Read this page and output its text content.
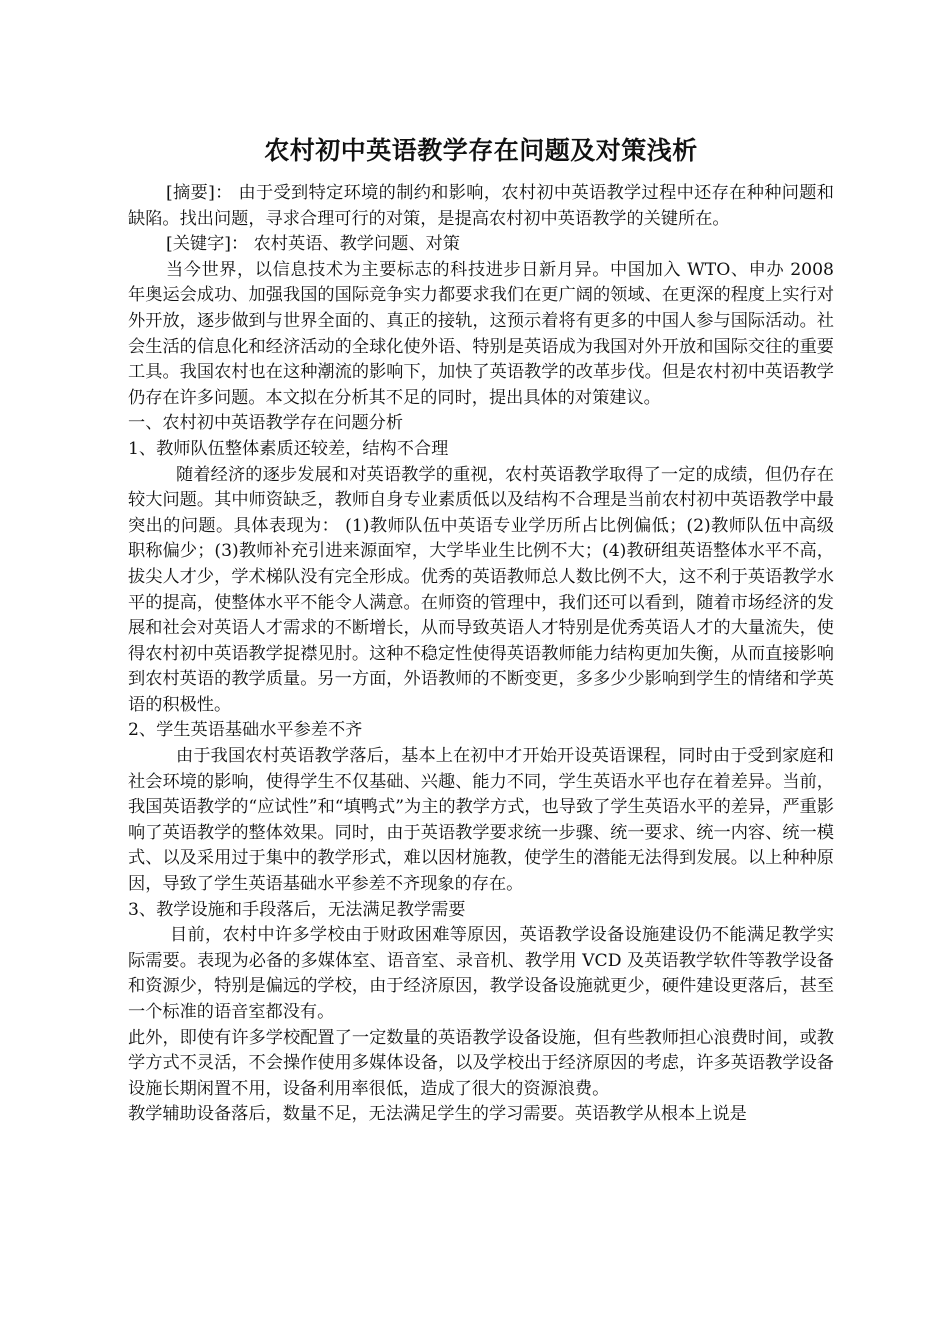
农村初中英语教学存在问题及对策浅析

[摘要]： 由于受到特定环境的制约和影响，农村初中英语教学过程中还存在种种问题和缺陷。找出问题，寻求合理可行的对策，是提高农村初中英语教学的关键所在。

[关键字]： 农村英语、教学问题、对策

当今世界，以信息技术为主要标志的科技进步日新月异。中国加入 WTO、申办 2008 年奥运会成功、加强我国的国际竞争实力都要求我们在更广阔的领域、在更深的程度上实行对外开放，逐步做到与世界全面的、真正的接轨，这预示着将有更多的中国人参与国际活动。社会生活的信息化和经济活动的全球化使外语、特别是英语成为我国对外开放和国际交往的重要工具。我国农村也在这种潮流的影响下，加快了英语教学的改革步伐。但是农村初中英语教学仍存在许多问题。本文拟在分析其不足的同时，提出具体的对策建议。

一、农村初中英语教学存在问题分析

1、教师队伍整体素质还较差，结构不合理

随着经济的逐步发展和对英语教学的重视，农村英语教学取得了一定的成绩，但仍存在较大问题。其中师资缺乏，教师自身专业素质低以及结构不合理是当前农村初中英语教学中最突出的问题。具体表现为： (1)教师队伍中英语专业学历所占比例偏低；(2)教师队伍中高级职称偏少；(3)教师补充引进来源面窄，大学毕业生比例不大；(4)教研组英语整体水平不高，拔尖人才少，学术梯队没有完全形成。优秀的英语教师总人数比例不大，这不利于英语教学水平的提高，使整体水平不能令人满意。在师资的管理中，我们还可以看到，随着市场经济的发展和社会对英语人才需求的不断增长，从而导致英语人才特别是优秀英语人才的大量流失，使得农村初中英语教学捉襟见肘。这种不稳定性使得英语教师能力结构更加失衡，从而直接影响到农村英语的教学质量。另一方面，外语教师的不断变更，多多少少影响到学生的情绪和学英语的积极性。

2、学生英语基础水平参差不齐

由于我国农村英语教学落后，基本上在初中才开始开设英语课程，同时由于受到家庭和社会环境的影响，使得学生不仅基础、兴趣、能力不同，学生英语水平也存在着差异。当前，我国英语教学的“应试性”和“填鸭式”为主的教学方式，也导致了学生英语水平的差异，严重影响了英语教学的整体效果。同时，由于英语教学要求统一步骤、统一要求、统一内容、统一模式、以及采用过于集中的教学形式，难以因材施教，使学生的潜能无法得到发展。以上种种原因，导致了学生英语基础水平参差不齐现象的存在。

3、教学设施和手段落后，无法满足教学需要

目前，农村中许多学校由于财政困难等原因，英语教学设备设施建设仍不能满足教学实际需要。表现为必备的多媒体室、语音室、录音机、教学用 VCD 及英语教学软件等教学设备和资源少，特别是偏远的学校，由于经济原因，教学设备设施就更少，硬件建设更落后，甚至一个标准的语音室都没有。

此外，即使有许多学校配置了一定数量的英语教学设备设施，但有些教师担心浪费时间，或教学方式不灵活，不会操作使用多媒体设备，以及学校出于经济原因的考虑，许多英语教学设备设施长期闲置不用，设备利用率很低，造成了很大的资源浪费。

教学辅助设备落后，数量不足，无法满足学生的学习需要。英语教学从根本上说是
